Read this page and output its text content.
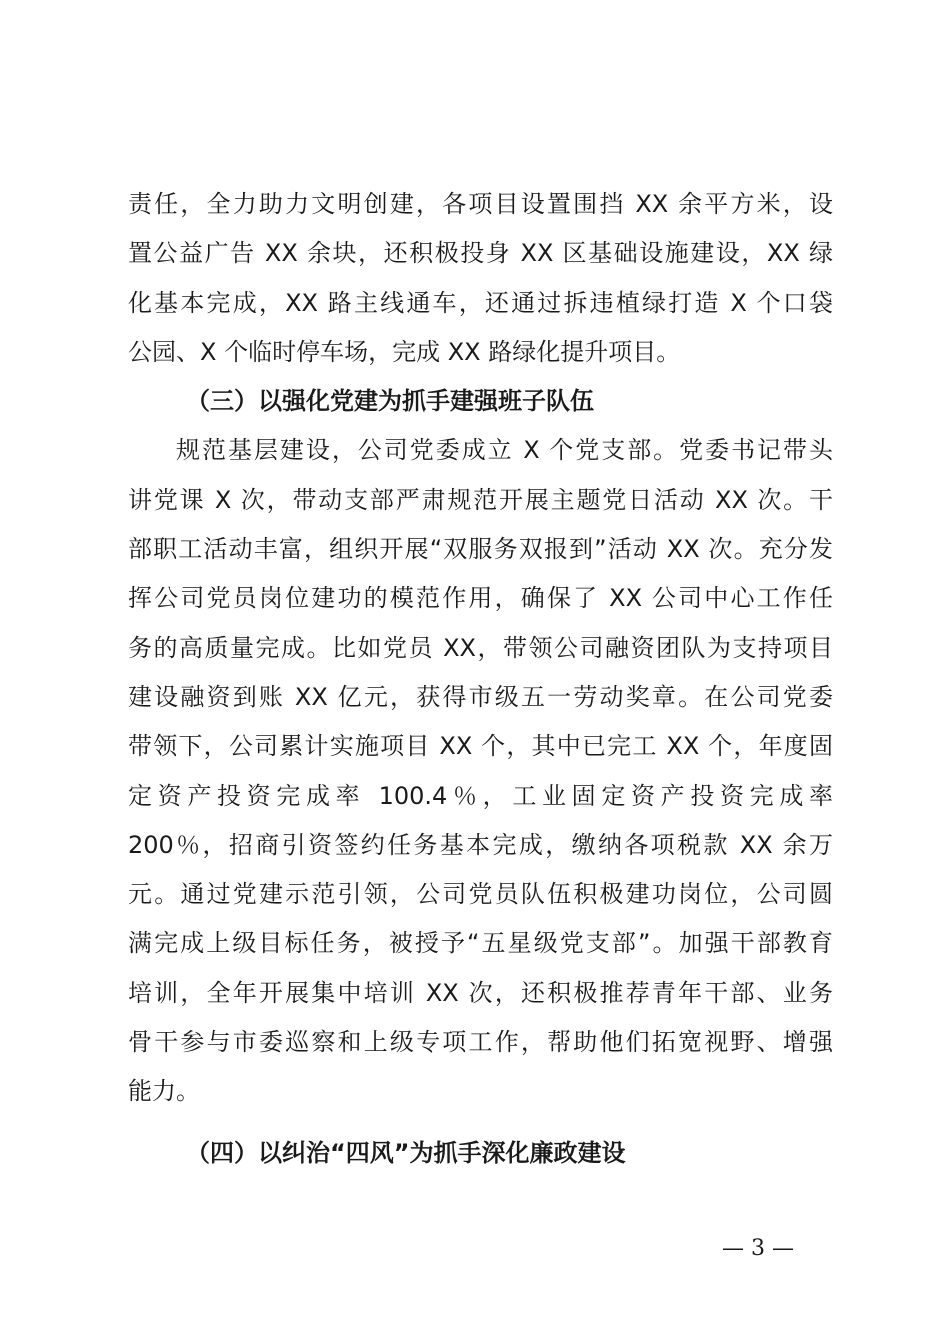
责任，全力助力文明创建，各项目设置围挡 XX 余平方米，设
置公益广告 XX 余块，还积极投身 XX 区基础设施建设，XX 绿
化基本完成，XX 路主线通车，还通过拆违植绿打造 X 个口袋
公园、X 个临时停车场，完成 XX 路绿化提升项目。
（三）以强化党建为抓手建强班子队伍
规范基层建设，公司党委成立 X 个党支部。党委书记带头
讲党课 X 次，带动支部严肃规范开展主题党日活动 XX 次。干
部职工活动丰富，组织开展“双服务双报到”活动 XX 次。充分发
挥公司党员岗位建功的模范作用，确保了 XX 公司中心工作任
务的高质量完成。比如党员 XX，带领公司融资团队为支持项目
建设融资到账 XX 亿元，获得市级五一劳动奖章。在公司党委
带领下，公司累计实施项目 XX 个，其中已完工 XX 个，年度固
定资产投资完成率 100.4％，工业固定资产投资完成率
200％，招商引资签约任务基本完成，缴纳各项税款 XX 余万
元。通过党建示范引领，公司党员队伍积极建功岗位，公司圆
满完成上级目标任务，被授予“五星级党支部”。加强干部教育
培训，全年开展集中培训 XX 次，还积极推荐青年干部、业务
骨干参与市委巡察和上级专项工作，帮助他们拓宽视野、增强
能力。
（四）以纠治“四风”为抓手深化廉政建设
— 3 —
